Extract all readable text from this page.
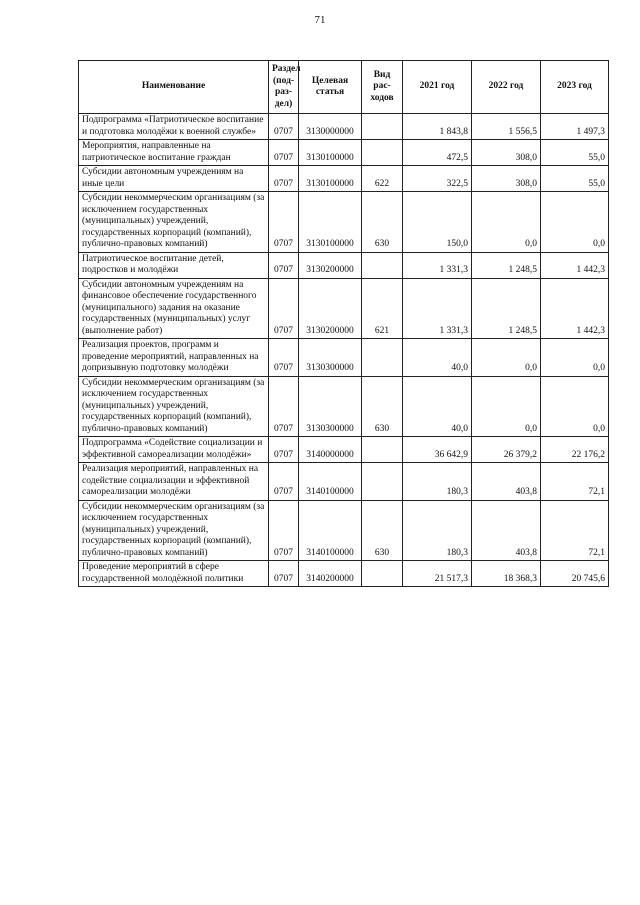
71
Наименование	Раздел (под- раз- дел)	Целевая статья	Вид рас- ходов	2021 год	2022 год	2023 год
Подпрограмма «Патриотическое воспитание и подготовка молодёжи к военной службе»	0707	3130000000		1 843,8	1 556,5	1 497,3
Мероприятия, направленные на патриотическое воспитание граждан	0707	3130100000		472,5	308,0	55,0
Субсидии автономным учреждениям на иные цели	0707	3130100000	622	322,5	308,0	55,0
Субсидии некоммерческим организациям (за исключением государственных (муниципальных) учреждений, государственных корпораций (компаний), публично-правовых компаний)	0707	3130100000	630	150,0	0,0	0,0
Патриотическое воспитание детей, подростков и молодёжи	0707	3130200000		1 331,3	1 248,5	1 442,3
Субсидии автономным учреждениям на финансовое обеспечение государственного (муниципального) задания на оказание государственных (муниципальных) услуг (выполнение работ)	0707	3130200000	621	1 331,3	1 248,5	1 442,3
Реализация проектов, программ и проведение мероприятий, направленных на допризывную подготовку молодёжи	0707	3130300000		40,0	0,0	0,0
Субсидии некоммерческим организациям (за исключением государственных (муниципальных) учреждений, государственных корпораций (компаний), публично-правовых компаний)	0707	3130300000	630	40,0	0,0	0,0
Подпрограмма «Содействие социализации и эффективной самореализации молодёжи»	0707	3140000000		36 642,9	26 379,2	22 176,2
Реализация мероприятий, направленных на содействие социализации и эффективной самореализации молодёжи	0707	3140100000		180,3	403,8	72,1
Субсидии некоммерческим организациям (за исключением государственных (муниципальных) учреждений, государственных корпораций (компаний), публично-правовых компаний)	0707	3140100000	630	180,3	403,8	72,1
Проведение мероприятий в сфере государственной молодёжной политики	0707	3140200000		21 517,3	18 368,3	20 745,6
